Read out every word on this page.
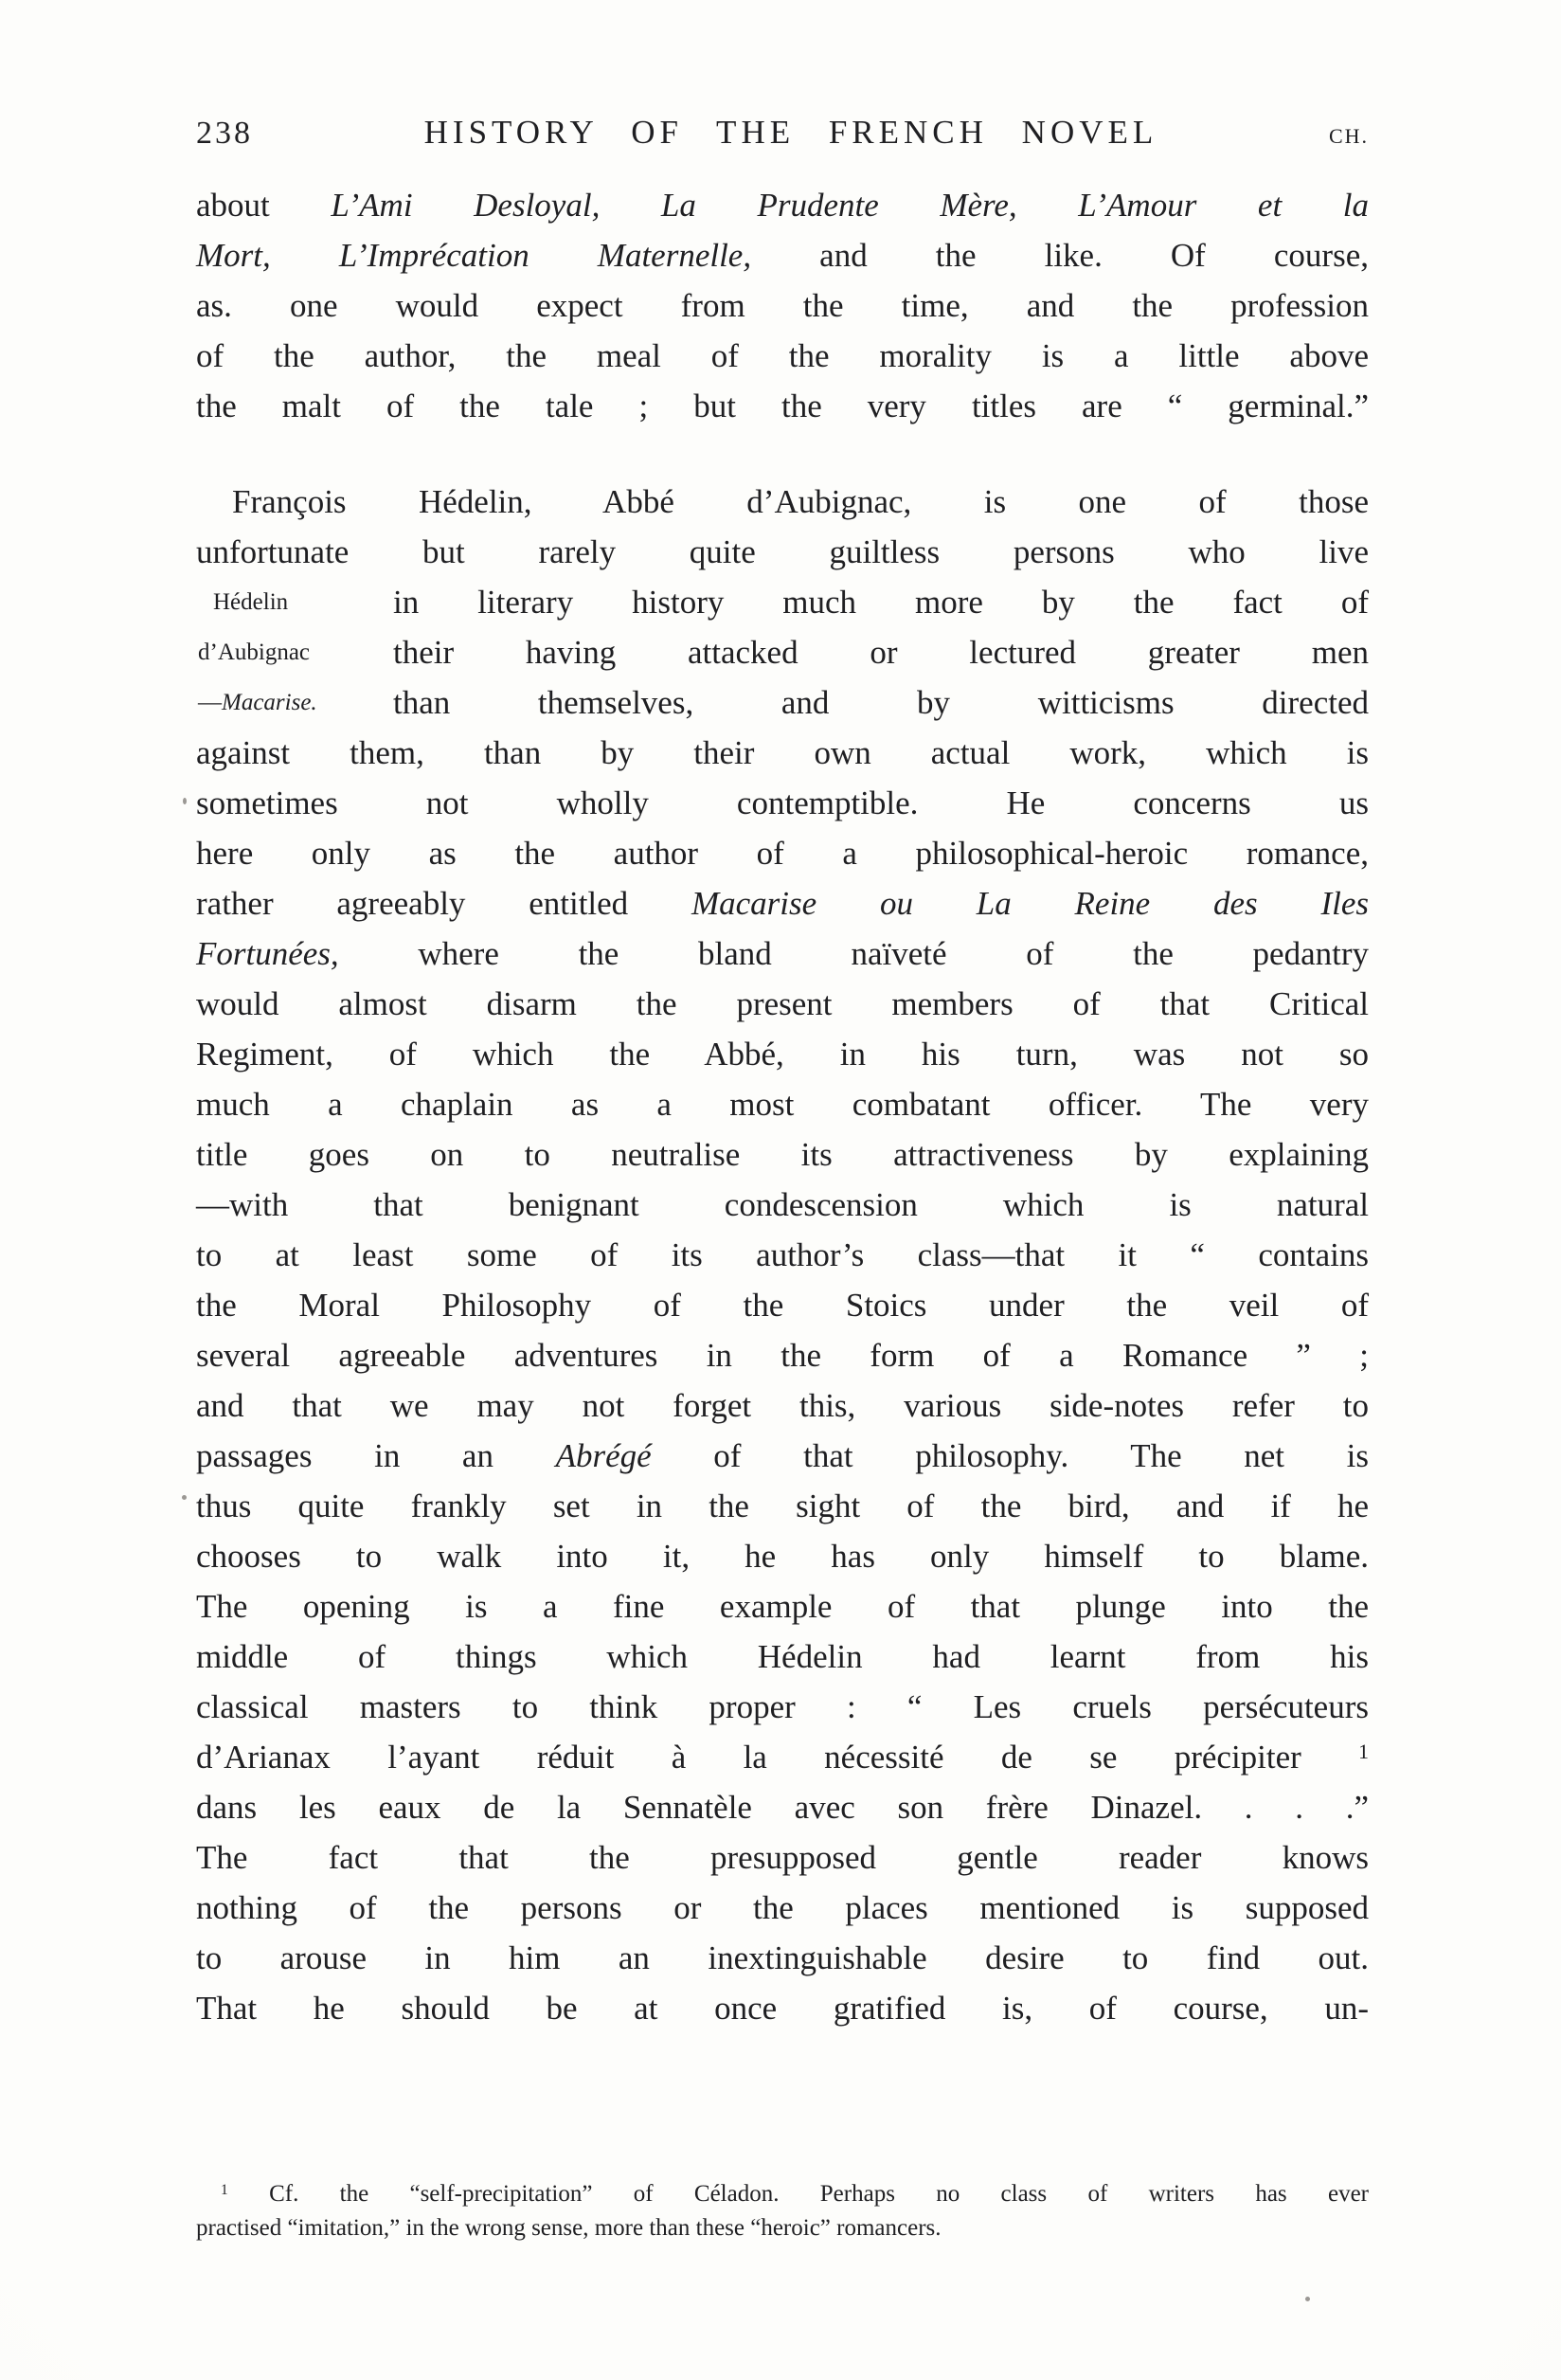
238	HISTORY OF THE FRENCH NOVEL	CH.
about L’Ami Desloyal, La Prudente Mère, L’Amour et la
Mort, L’Imprécation Maternelle, and the like. Of course,
as. one would expect from the time, and the profession
of the author, the meal of the morality is a little above
the malt of the tale ; but the very titles are “ germinal.”
Hédelin
d’Aubignac
—Macarise.
François Hédelin, Abbé d’Aubignac, is one of those
unfortunate but rarely quite guiltless persons who live
in literary history much more by the fact of
their having attacked or lectured greater men
than themselves, and by witticisms directed
against them, than by their own actual work, which is
sometimes not wholly contemptible. He concerns us
here only as the author of a philosophical-heroic romance,
rather agreeably entitled Macarise ou La Reine des Iles
Fortunées, where the bland naïveté of the pedantry
would almost disarm the present members of that Critical
Regiment, of which the Abbé, in his turn, was not so
much a chaplain as a most combatant officer. The very
title goes on to neutralise its attractiveness by explaining
—with that benignant condescension which is natural
to at least some of its author’s class—that it “ contains
the Moral Philosophy of the Stoics under the veil of
several agreeable adventures in the form of a Romance ” ;
and that we may not forget this, various side-notes refer to
passages in an Abrégé of that philosophy. The net is
thus quite frankly set in the sight of the bird, and if he
chooses to walk into it, he has only himself to blame.
The opening is a fine example of that plunge into the
middle of things which Hédelin had learnt from his
classical masters to think proper : “ Les cruels persécuteurs
d’Arianax l’ayant réduit à la nécessité de se précipiter $^1$
dans les eaux de la Sennatèle avec son frère Dinazel. . . .”
The fact that the presupposed gentle reader knows
nothing of the persons or the places mentioned is supposed
to arouse in him an inextinguishable desire to find out.
That he should be at once gratified is, of course, un-
$^1$ Cf. the “self-precipitation” of Céladon. Perhaps no class of writers has ever
practised “imitation,” in the wrong sense, more than these “heroic” romancers.
